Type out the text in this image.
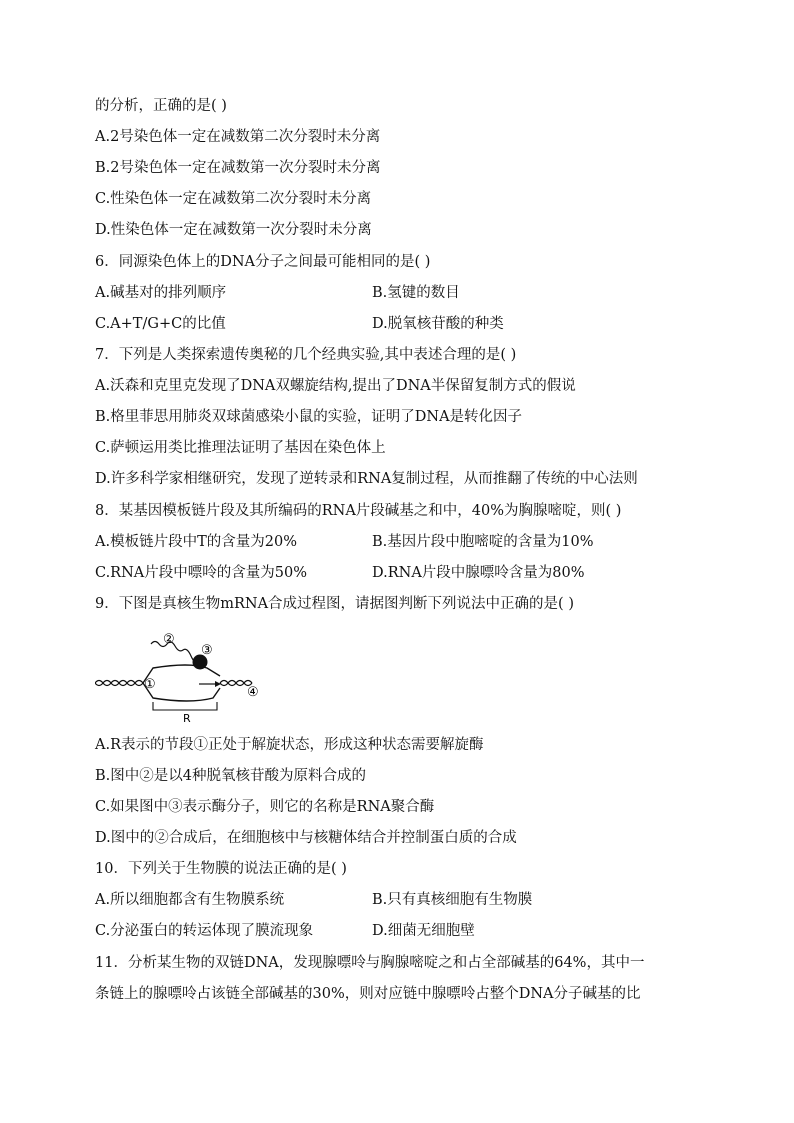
的分析，正确的是( )
A.2号染色体一定在减数第二次分裂时未分离
B.2号染色体一定在减数第一次分裂时未分离
C.性染色体一定在减数第二次分裂时未分离
D.性染色体一定在减数第一次分裂时未分离
6．同源染色体上的DNA分子之间最可能相同的是( )
A.碱基对的排列顺序	B.氢键的数目
C.A+T/G+C的比值	D.脱氧核苷酸的种类
7．下列是人类探索遗传奥秘的几个经典实验,其中表述合理的是( )
A.沃森和克里克发现了DNA双螺旋结构,提出了DNA半保留复制方式的假说
B.格里菲思用肺炎双球菌感染小鼠的实验，证明了DNA是转化因子
C.萨顿运用类比推理法证明了基因在染色体上
D.许多科学家相继研究，发现了逆转录和RNA复制过程，从而推翻了传统的中心法则
8．某基因模板链片段及其所编码的RNA片段碱基之和中，40%为胸腺嘧啶，则( )
A.模板链片段中T的含量为20%	B.基因片段中胞嘧啶的含量为10%
C.RNA片段中嘌呤的含量为50%	D.RNA片段中腺嘌呤含量为80%
9．下图是真核生物mRNA合成过程图，请据图判断下列说法中正确的是( )
①
②
③
④
R
A.R表示的节段①正处于解旋状态，形成这种状态需要解旋酶
B.图中②是以4种脱氧核苷酸为原料合成的
C.如果图中③表示酶分子，则它的名称是RNA聚合酶
D.图中的②合成后，在细胞核中与核糖体结合并控制蛋白质的合成
10．下列关于生物膜的说法正确的是( )
A.所以细胞都含有生物膜系统	B.只有真核细胞有生物膜
C.分泌蛋白的转运体现了膜流现象	D.细菌无细胞壁
11．分析某生物的双链DNA，发现腺嘌呤与胸腺嘧啶之和占全部碱基的64%，其中一
条链上的腺嘌呤占该链全部碱基的30%，则对应链中腺嘌呤占整个DNA分子碱基的比
